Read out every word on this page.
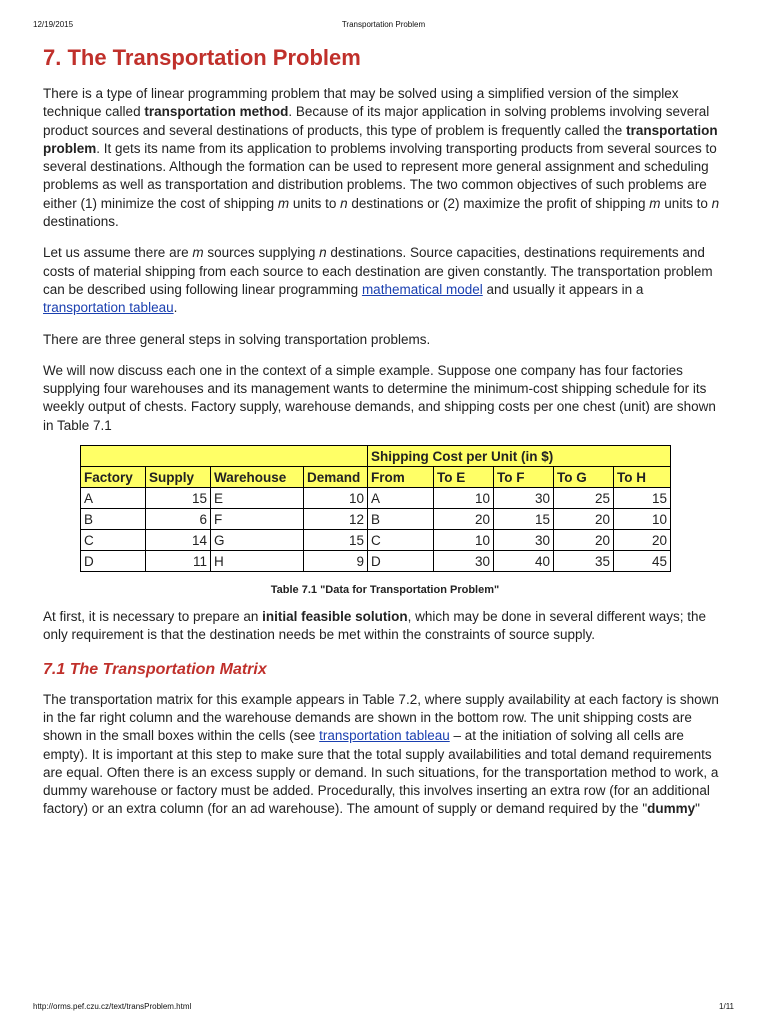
12/19/2015	Transportation Problem
7. The Transportation Problem

There is a type of linear programming problem that may be solved using a simplified version of the simplex technique called transportation method. Because of its major application in solving problems involving several product sources and several destinations of products, this type of problem is frequently called the transportation problem. It gets its name from its application to problems involving transporting products from several sources to several destinations. Although the formation can be used to represent more general assignment and scheduling problems as well as transportation and distribution problems. The two common objectives of such problems are either (1) minimize the cost of shipping m units to n destinations or (2) maximize the profit of shipping m units to n destinations.

Let us assume there are m sources supplying n destinations. Source capacities, destinations requirements and costs of material shipping from each source to each destination are given constantly. The transportation problem can be described using following linear programming mathematical model and usually it appears in a transportation tableau.

There are three general steps in solving transportation problems.

We will now discuss each one in the context of a simple example. Suppose one company has four factories supplying four warehouses and its management wants to determine the minimum-cost shipping schedule for its weekly output of chests. Factory supply, warehouse demands, and shipping costs per one chest (unit) are shown in Table 7.1

				Shipping Cost per Unit (in $)				
Factory	Supply	Warehouse	Demand	From	To E	To F	To G	To H
A	15	E	10	A	10	30	25	15
B	6	F	12	B	20	15	20	10
C	14	G	15	C	10	30	20	20
D	11	H	9	D	30	40	35	45
Table 7.1 "Data for Transportation Problem"

At first, it is necessary to prepare an initial feasible solution, which may be done in several different ways; the only requirement is that the destination needs be met within the constraints of source supply.

7.1 The Transportation Matrix

The transportation matrix for this example appears in Table 7.2, where supply availability at each factory is shown in the far right column and the warehouse demands are shown in the bottom row. The unit shipping costs are shown in the small boxes within the cells (see transportation tableau – at the initiation of solving all cells are empty). It is important at this step to make sure that the total supply availabilities and total demand requirements are equal. Often there is an excess supply or demand. In such situations, for the transportation method to work, a dummy warehouse or factory must be added. Procedurally, this involves inserting an extra row (for an additional factory) or an extra column (for an ad warehouse). The amount of supply or demand required by the "dummy"

http://orms.pef.czu.cz/text/transProblem.html	1/11
